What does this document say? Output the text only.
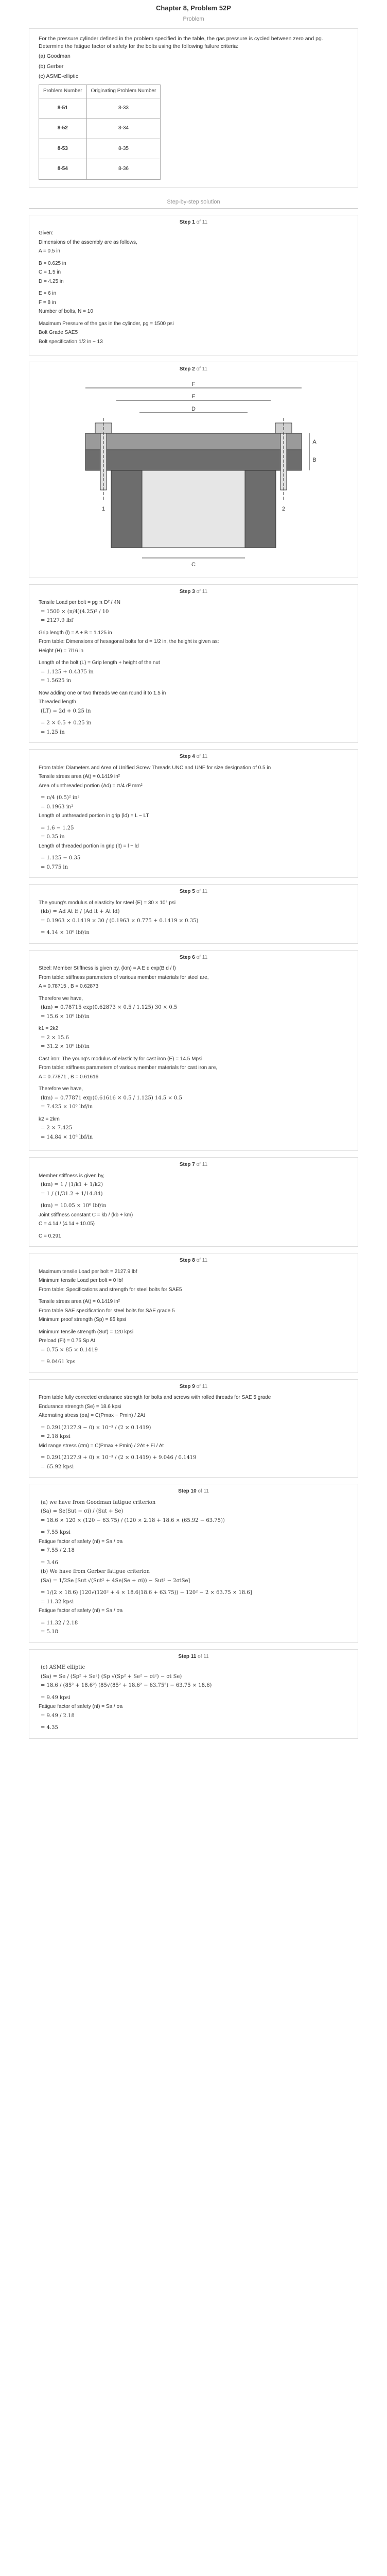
Chapter 8, Problem 52P
Problem

For the pressure cylinder defined in the problem specified in the table, the gas pressure is cycled between zero and pg. Determine the fatigue factor of safety for the bolts using the following failure criteria:

(a) Goodman

(b) Gerber

(c) ASME-elliptic

Problem Number	Originating Problem Number
8-51	8-33
8-52	8-34
8-53	8-35
8-54	8-36
Step-by-step solution
Step 1 of 11

Given:

Dimensions of the assembly are as follows,

A = 0.5 in

B = 0.625 in

C = 1.5 in

D = 4.25 in

E = 6 in

F = 8 in

Number of bolts, N = 10

Maximum Pressure of the gas in the cylinder, pg = 1500 psi

Bolt Grade SAE5

Bolt specification 1/2 in − 13

Step 2 of 11
F
E
D
C
A
B
1	2
Step 3 of 11

Tensile Load per bolt = pg π D² / 4N

= 1500 × (π/4)(4.25)² / 10

= 2127.9 lbf

Grip length (l) = A + B = 1.125 in

From table: Dimensions of hexagonal bolts for d = 1/2 in, the height is given as:

Height (H) = 7/16 in

Length of the bolt (L) = Grip length + height of the nut

= 1.125 + 0.4375 in

= 1.5625 in

Now adding one or two threads we can round it to 1.5 in

Threaded length

(LT) = 2d + 0.25 in

= 2 × 0.5 + 0.25 in

= 1.25 in

Step 4 of 11

From table: Diameters and Area of Unified Screw Threads UNC and UNF for size designation of 0.5 in

Tensile stress area (At) = 0.1419 in²

Area of unthreaded portion (Ad) = π/4 d² mm²

= π/4 (0.5)² in²

= 0.1963 in²

Length of unthreaded portion in grip (ld) = L − LT

= 1.6 − 1.25

= 0.35 in

Length of threaded portion in grip (lt) = l − ld

= 1.125 − 0.35

= 0.775 in

Step 5 of 11

The young's modulus of elasticity for steel (E) = 30 × 10⁶ psi

(kb) = Ad At E / (Ad lt + At ld)

= 0.1963 × 0.1419 × 30 / (0.1963 × 0.775 + 0.1419 × 0.35)

= 4.14 × 10⁶ lbf/in

Step 6 of 11

Steel: Member Stiffness is given by, (km) = A E d exp(B d / l)

From table: stiffness parameters of various member materials for steel are,

A = 0.78715 , B = 0.62873

Therefore we have,

(km) = 0.78715 exp(0.62873 × 0.5 / 1.125) 30 × 0.5

= 15.6 × 10⁶ lbf/in

k1 = 2k2

= 2 × 15.6

= 31.2 × 10⁶ lbf/in

Cast iron: The young's modulus of elasticity for cast iron (E) = 14.5 Mpsi

From table: stiffness parameters of various member materials for cast iron are,

A = 0.77871 , B = 0.61616

Therefore we have,

(km) = 0.77871 exp(0.61616 × 0.5 / 1.125) 14.5 × 0.5

= 7.425 × 10⁶ lbf/in

k2 = 2km

= 2 × 7.425

= 14.84 × 10⁶ lbf/in

Step 7 of 11

Member stiffness is given by,

(km) = 1 / (1/k1 + 1/k2)

= 1 / (1/31.2 + 1/14.84)

(km) = 10.05 × 10⁶ lbf/in

Joint stiffness constant C = kb / (kb + km)

C = 4.14 / (4.14 + 10.05)

C = 0.291

Step 8 of 11

Maximum tensile Load per bolt = 2127.9 lbf

Minimum tensile Load per bolt = 0 lbf

From table: Specifications and strength for steel bolts for SAE5

Tensile stress area (At) = 0.1419 in²

From table SAE specification for steel bolts for SAE grade 5

Minimum proof strength (Sp) = 85 kpsi

Minimum tensile strength (Sut) = 120 kpsi

Preload (Fi) = 0.75 Sp At

= 0.75 × 85 × 0.1419

= 9.0461 kps

Step 9 of 11

From table fully corrected endurance strength for bolts and screws with rolled threads for SAE 5 grade

Endurance strength (Se) = 18.6 kpsi

Alternating stress (σa) = C(Pmax − Pmin) / 2At

= 0.291(2127.9 − 0) × 10⁻³ / (2 × 0.1419)

= 2.18 kpsi

Mid range stress (σm) = C(Pmax + Pmin) / 2At + Fi / At

= 0.291(2127.9 + 0) × 10⁻³ / (2 × 0.1419) + 9.046 / 0.1419

= 65.92 kpsi

Step 10 of 11

(a) we have from Goodman fatigue criterion

(Sa) = Se(Sut − σi) / (Sut + Se)

= 18.6 × 120 × (120 − 63.75) / (120 × 2.18 + 18.6 × (65.92 − 63.75))

= 7.55 kpsi

Fatigue factor of safety (nf) = Sa / σa

= 7.55 / 2.18

= 3.46

(b) We have from Gerber fatigue criterion

(Sa) = 1/2Se [Sut √(Sut² + 4Se(Se + σi)) − Sut² − 2σiSe]

= 1/(2 × 18.6) [120√(120² + 4 × 18.6(18.6 + 63.75)) − 120² − 2 × 63.75 × 18.6]

= 11.32 kpsi

Fatigue factor of safety (nf) = Sa / σa

= 11.32 / 2.18

= 5.18

Step 11 of 11

(c) ASME elliptic

(Sa) = Se / (Sp² + Se²) (Sp √(Sp² + Se² − σi²) − σi Se)

= 18.6 / (85² + 18.6²) (85√(85² + 18.6² − 63.75²) − 63.75 × 18.6)

= 9.49 kpsi

Fatigue factor of safety (nf) = Sa / σa

= 9.49 / 2.18

= 4.35
